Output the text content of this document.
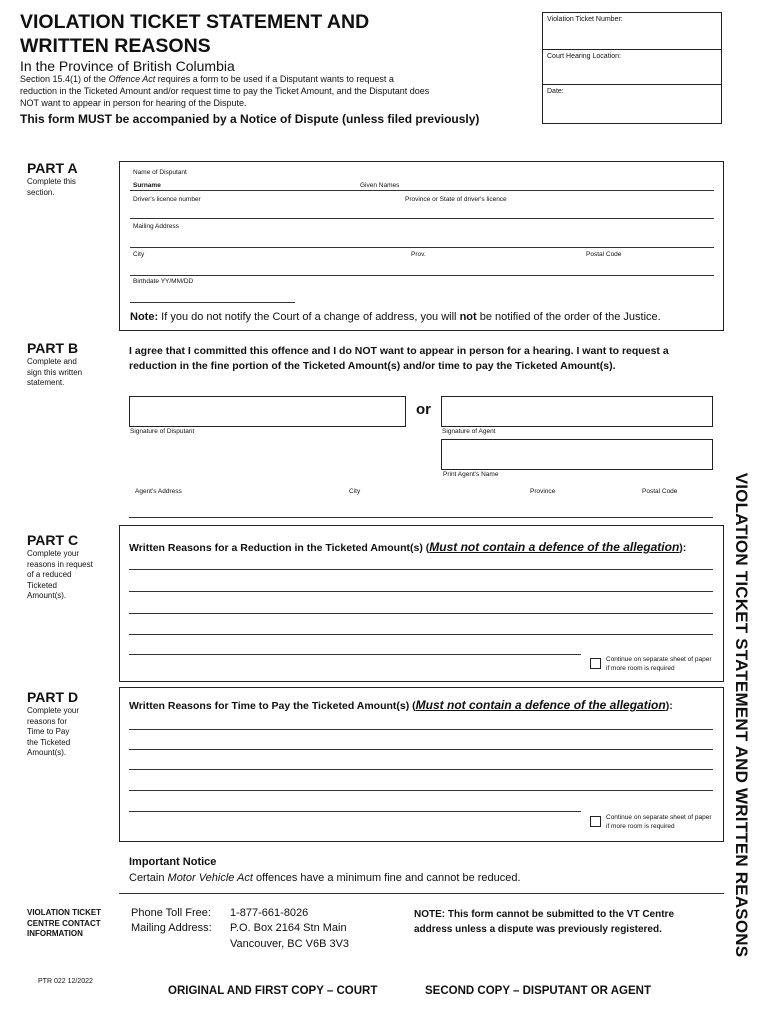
VIOLATION TICKET STATEMENT AND
WRITTEN REASONS
In the Province of British Columbia
Section 15.4(1) of the Offence Act requires a form to be used if a Disputant wants to request a reduction in the Ticketed Amount and/or request time to pay the Ticket Amount, and the Disputant does NOT want to appear in person for hearing of the Dispute.
This form MUST be accompanied by a Notice of Dispute (unless filed previously)
Violation Ticket Number:
Court Hearing Location:
Date:
PART A
Complete this section.
Name of Disputant
Surname	Given Names
Driver's licence number	Province or State of driver's licence
Mailing Address
City	Prov.	Postal Code
Birthdate YY/MM/DD
Note: If you do not notify the Court of a change of address, you will not be notified of the order of the Justice.
PART B
Complete and sign this written statement.
I agree that I committed this offence and I do NOT want to appear in person for a hearing. I want to request a reduction in the fine portion of the Ticketed Amount(s) and/or time to pay the Ticketed Amount(s).
or
Signature of Disputant	Signature of Agent
Print Agent's Name
Agent's Address	City	Province	Postal Code
PART C
Complete your reasons in request of a reduced Ticketed Amount(s).
Written Reasons for a Reduction in the Ticketed Amount(s) (Must not contain a defence of the allegation):
Continue on separate sheet of paper if more room is required
PART D
Complete your reasons for Time to Pay the Ticketed Amount(s).
Written Reasons for Time to Pay the Ticketed Amount(s) (Must not contain a defence of the allegation):
Continue on separate sheet of paper if more room is required
Important Notice
Certain Motor Vehicle Act offences have a minimum fine and cannot be reduced.
VIOLATION TICKET CENTRE CONTACT INFORMATION
Phone Toll Free: 1-877-661-8026
Mailing Address: P.O. Box 2164 Stn Main
Vancouver, BC V6B 3V3
NOTE: This form cannot be submitted to the VT Centre address unless a dispute was previously registered.
PTR 022 12/2022
ORIGINAL AND FIRST COPY – COURT	SECOND COPY – DISPUTANT OR AGENT
VIOLATION TICKET STATEMENT AND WRITTEN REASONS
